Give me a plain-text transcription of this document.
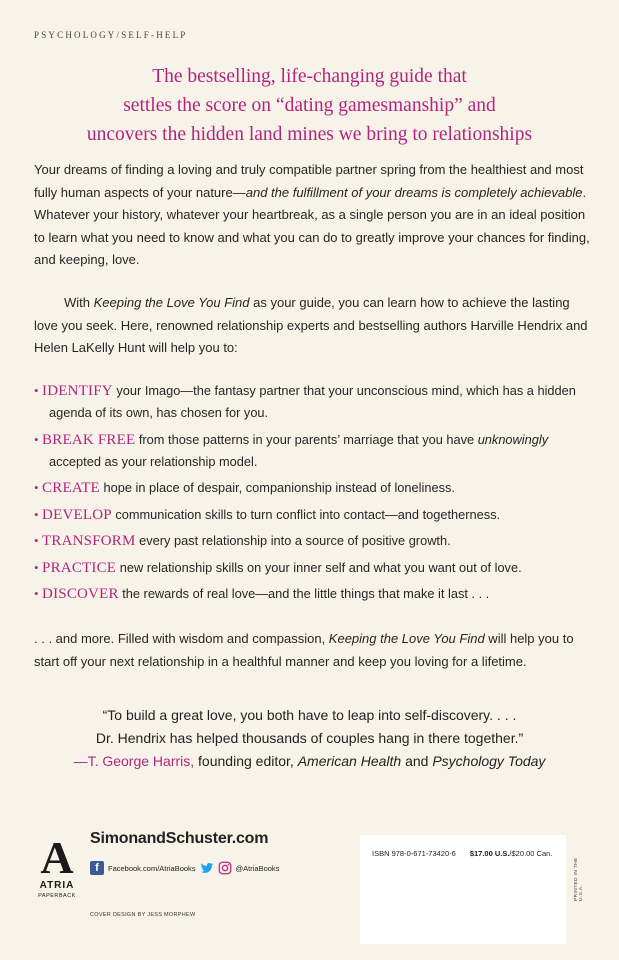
PSYCHOLOGY/SELF-HELP
The bestselling, life-changing guide that
settles the score on “dating gamesmanship” and
uncovers the hidden land mines we bring to relationships

Your dreams of finding a loving and truly compatible partner spring from the healthiest and most fully human aspects of your nature—and the fulfillment of your dreams is completely achievable. Whatever your history, whatever your heartbreak, as a single person you are in an ideal position to learn what you need to know and what you can do to greatly improve your chances for finding, and keeping, love.

With Keeping the Love You Find as your guide, you can learn how to achieve the lasting love you seek. Here, renowned relationship experts and bestselling authors Harville Hendrix and Helen LaKelly Hunt will help you to:

• IDENTIFY your Imago—the fantasy partner that your unconscious mind, which has a hidden agenda of its own, has chosen for you.
• BREAK FREE from those patterns in your parents’ marriage that you have unknowingly accepted as your relationship model.
• CREATE hope in place of despair, companionship instead of loneliness.
• DEVELOP communication skills to turn conflict into contact—and togetherness.
• TRANSFORM every past relationship into a source of positive growth.
• PRACTICE new relationship skills on your inner self and what you want out of love.
• DISCOVER the rewards of real love—and the little things that make it last . . .

. . . and more. Filled with wisdom and compassion, Keeping the Love You Find will help you to start off your next relationship in a healthful manner and keep you loving for a lifetime.

“To build a great love, you both have to leap into self-discovery. . . .
Dr. Hendrix has helped thousands of couples hang in there together.”
—T. George Harris, founding editor, American Health and Psychology Today
A
ATRIA
PAPERBACK
SimonandSchuster.com
f	Facebook.com/AtriaBooks	@AtriaBooks
COVER DESIGN BY JESS MORPHEW
ISBN 978-0-671-73420-6 $17.00 U.S./$20.00 Can.
PRINTED IN THE U.S.A.
